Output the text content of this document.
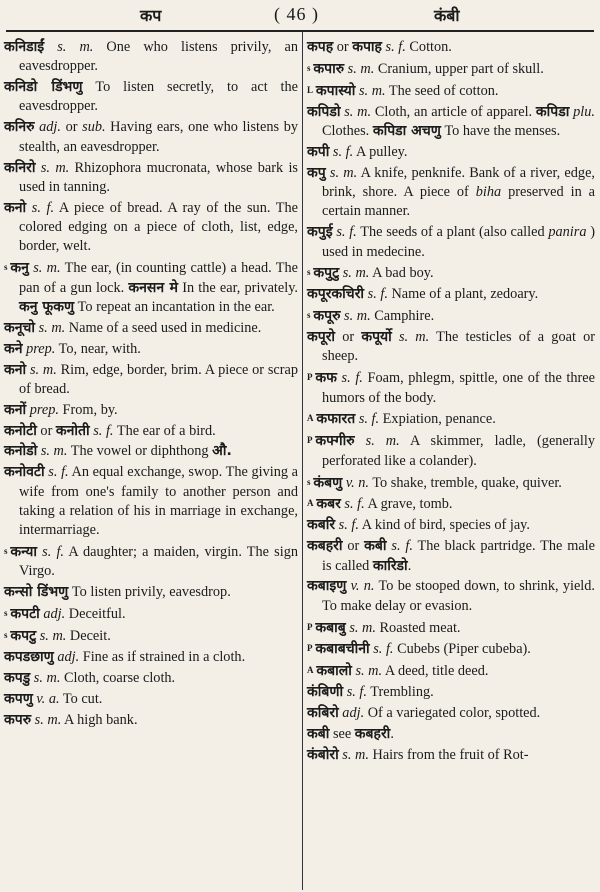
कप	( 46 )	कंबी

कनिडाईं s. m. One who listens privily, an eavesdropper.

कनिडो डिंभणु To listen secretly, to act the eavesdropper.

कनिरु adj. or sub. Having ears, one who listens by stealth, an eavesdropper.

कनिरो s. m. Rhizophora mucronata, whose bark is used in tanning.

कनो s. f. A piece of bread. A ray of the sun. The colored edging on a piece of cloth, list, edge, border, welt.

s  कनु s. m. The ear, (in counting cattle) a head. The pan of a gun lock. कनसन मे In the ear, privately. कनु फूकणु To repeat an incantation in the ear.

कनूचो s. m. Name of a seed used in medicine.

कने prep. To, near, with.

कनो s. m. Rim, edge, border, brim. A piece or scrap of bread.

कनों prep. From, by.

कनोटी or कनोती s. f. The ear of a bird.

कनोडो s. m. The vowel or diphthong औ.

कनोवटी s. f. An equal exchange, swop. The giving a wife from one's family to another person and taking a relation of his in marriage in exchange, intermarriage.

s  कन्या s. f. A daughter; a maiden, virgin. The sign Virgo.

कन्सो डिंभणु To listen privily, eavesdrop.

s  कपटी adj. Deceitful.

s  कपटु s. m. Deceit.

कपडछाणु adj. Fine as if strained in a cloth.

कपडु s. m. Cloth, coarse cloth.

कपणु v. a. To cut.

कपरु s. m. A high bank.

कपह or कपाह s. f. Cotton.

s  कपारु s. m. Cranium, upper part of skull.

L  कपास्यो s. m. The seed of cotton.

कपिडो s. m. Cloth, an article of apparel. कपिडा plu. Clothes. कपिडा अचणु To have the menses.

कपी s. f. A pulley.

कपु s. m. A knife, penknife. Bank of a river, edge, brink, shore. A piece of biha preserved in a certain manner.

कपुई s. f. The seeds of a plant (also called panira ) used in medecine.

s  कपुटु s. m. A bad boy.

कपूरकचिरी s. f. Name of a plant, zedoary.

s  कपूरु s. m. Camphire.

कपूरो or कपूर्यो s. m. The testicles of a goat or sheep.

P  कफ s. f. Foam, phlegm, spittle, one of the three humors of the body.

A  कफारत s. f. Expiation, penance.

P  कफ्गीरु s. m. A skimmer, ladle, (generally perforated like a colander).

s  कंबणु v. n. To shake, tremble, quake, quiver.

A  कबर s. f. A grave, tomb.

कबरि s. f. A kind of bird, species of jay.

कबहरी or कबी s. f. The black partridge. The male is called कारिडो.

कबाइणु v. n. To be stooped down, to shrink, yield. To make delay or evasion.

P  कबाबु s. m. Roasted meat.

P  कबाबचीनी s. f. Cubebs (Piper cubeba).

A  कबालो s. m. A deed, title deed.

कंबिणी s. f. Trembling.

कबिरो adj. Of a variegated color, spotted.

कबी see कबहरी.

कंबोरो s. m. Hairs from the fruit of Rot-
